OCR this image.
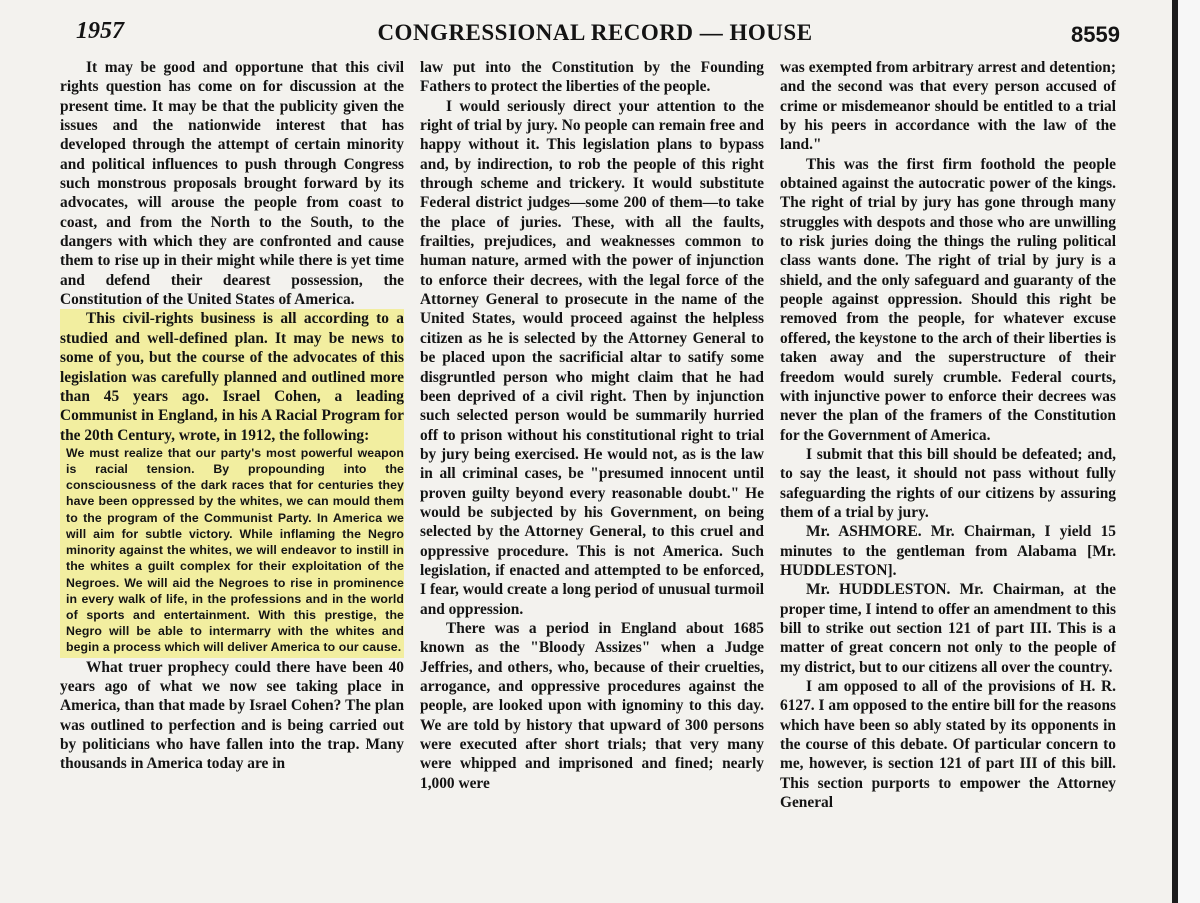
1957	CONGRESSIONAL RECORD — HOUSE	8559

It may be good and opportune that this civil rights question has come on for discussion at the present time. It may be that the publicity given the issues and the nationwide interest that has developed through the attempt of certain minority and political influences to push through Congress such monstrous proposals brought forward by its advocates, will arouse the people from coast to coast, and from the North to the South, to the dangers with which they are confronted and cause them to rise up in their might while there is yet time and defend their dearest possession, the Constitution of the United States of America.

This civil-rights business is all according to a studied and well-defined plan. It may be news to some of you, but the course of the advocates of this legislation was carefully planned and outlined more than 45 years ago. Israel Cohen, a leading Communist in England, in his A Racial Program for the 20th Century, wrote, in 1912, the following:

We must realize that our party's most powerful weapon is racial tension. By propounding into the consciousness of the dark races that for centuries they have been oppressed by the whites, we can mould them to the program of the Communist Party. In America we will aim for subtle victory. While inflaming the Negro minority against the whites, we will endeavor to instill in the whites a guilt complex for their exploitation of the Negroes. We will aid the Negroes to rise in prominence in every walk of life, in the professions and in the world of sports and entertainment. With this prestige, the Negro will be able to intermarry with the whites and begin a process which will deliver America to our cause.

What truer prophecy could there have been 40 years ago of what we now see taking place in America, than that made by Israel Cohen? The plan was outlined to perfection and is being carried out by politicians who have fallen into the trap. Many thousands in America today are in

law put into the Constitution by the Founding Fathers to protect the liberties of the people.

I would seriously direct your attention to the right of trial by jury. No people can remain free and happy without it. This legislation plans to bypass and, by indirection, to rob the people of this right through scheme and trickery. It would substitute Federal district judges—some 200 of them—to take the place of juries. These, with all the faults, frailties, prejudices, and weaknesses common to human nature, armed with the power of injunction to enforce their decrees, with the legal force of the Attorney General to prosecute in the name of the United States, would proceed against the helpless citizen as he is selected by the Attorney General to be placed upon the sacrificial altar to satify some disgruntled person who might claim that he had been deprived of a civil right. Then by injunction such selected person would be summarily hurried off to prison without his constitutional right to trial by jury being exercised. He would not, as is the law in all criminal cases, be "presumed innocent until proven guilty beyond every reasonable doubt." He would be subjected by his Government, on being selected by the Attorney General, to this cruel and oppressive procedure. This is not America. Such legislation, if enacted and attempted to be enforced, I fear, would create a long period of unusual turmoil and oppression.

There was a period in England about 1685 known as the "Bloody Assizes" when a Judge Jeffries, and others, who, because of their cruelties, arrogance, and oppressive procedures against the people, are looked upon with ignominy to this day. We are told by history that upward of 300 persons were executed after short trials; that very many were whipped and imprisoned and fined; nearly 1,000 were

was exempted from arbitrary arrest and detention; and the second was that every person accused of crime or misdemeanor should be entitled to a trial by his peers in accordance with the law of the land."

This was the first firm foothold the people obtained against the autocratic power of the kings. The right of trial by jury has gone through many struggles with despots and those who are unwilling to risk juries doing the things the ruling political class wants done. The right of trial by jury is a shield, and the only safeguard and guaranty of the people against oppression. Should this right be removed from the people, for whatever excuse offered, the keystone to the arch of their liberties is taken away and the superstructure of their freedom would surely crumble. Federal courts, with injunctive power to enforce their decrees was never the plan of the framers of the Constitution for the Government of America.

I submit that this bill should be defeated; and, to say the least, it should not pass without fully safeguarding the rights of our citizens by assuring them of a trial by jury.

Mr. ASHMORE. Mr. Chairman, I yield 15 minutes to the gentleman from Alabama [Mr. HUDDLESTON].

Mr. HUDDLESTON. Mr. Chairman, at the proper time, I intend to offer an amendment to this bill to strike out section 121 of part III. This is a matter of great concern not only to the people of my district, but to our citizens all over the country.

I am opposed to all of the provisions of H. R. 6127. I am opposed to the entire bill for the reasons which have been so ably stated by its opponents in the course of this debate. Of particular concern to me, however, is section 121 of part III of this bill. This section purports to empower the Attorney General
